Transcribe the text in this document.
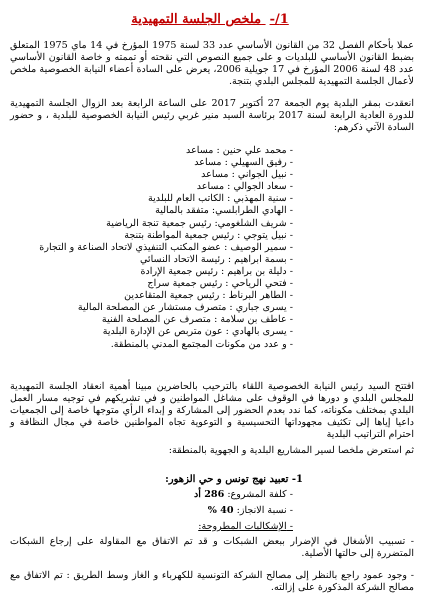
1/- ملخص الجلسة التمهيدية

عملا بأحكام الفصل 32 من القانون الأساسي عدد 33 لسنة 1975 المؤرخ في 14 ماي 1975 المتعلق بضبط القانون الأساسي للبلديات و على جميع النصوص التي نقحته أو تممته و خاصة القانون الأساسي عدد 48 لسنة 2006 المؤرخ في 17 جويلية 2006، يعرض على السادة أعضاء النيابة الخصوصية ملخص لأعمال الجلسة التمهيدية للمجلس البلدي بتنجة.

انعقدت بمقر البلدية يوم الجمعة 27 أكتوبر 2017 على الساعة الرابعة بعد الزوال الجلسة التمهيدية للدورة العادية الرابعة لسنة 2017 برئاسة السيد منير غربي رئيس النيابة الخصوصية للبلدية ، و حضور السادة الآتي ذكرهم:

- محمد علي حنين : مساعد
- رفيق السهيلي : مساعد
- نبيل الجواني : مساعد
- سعاد الجوالي : مساعد
- سنية المهذبي : الكاتب العام للبلدية
- الهادي الطرابلسي: متفقد بالمالية
- شريف الشلغومي: رئيس جمعية تنجة الرياضية
- نبيل يتوجي : رئيس جمعية المواطنة بتنجة
- سمير الوصيف : عضو المكتب التنفيذي لاتحاد الصناعة و التجارة
- بسمة ابراهيم : رئيسة الاتحاد النسائي
- دليلة بن براهيم : رئيس جمعية الإرادة
- فتحي الرياحي : رئيس جمعية سراج
- الطاهر البرناط : رئيس جمعية المتقاعدين
- يسرى جباري : متصرف مستشار عن المصلحة المالية
- عاطف بن سلامة : متصرف عن المصلحة الفنية
- يسرى بالهادي : عون متربص عن الإدارة البلدية
- و عدد من مكونات المجتمع المدني بالمنطقة.

افتتح السيد رئيس النيابة الخصوصية اللقاء بالترحيب بالحاضرين مبينا أهمية انعقاد الجلسة التمهيدية للمجلس البلدي و دورها في الوقوف على مشاغل المواطنين و في تشريكهم في توجيه مسار العمل البلدي بمختلف مكوناته، كما ندد بعدم الحضور إلى المشاركة و إبداء الرأي متوجها خاصة إلى الجمعيات داعيا إياها إلى تكثيف مجهوداتها التحسيسية و التوعوية تجاه المواطنين خاصة في مجال النظافة و احترام التراتيب البلدية

ثم استعرض ملخصا لسير المشاريع البلدية و الجهوية بالمنطقة:

1- تعبيد نهج تونس و حي الزهور:
- كلفة المشروع: 286 أد
- نسبة الانجاز: 40 %
- الإشكاليات المطروحة:

- تسبيب الأشغال في الإضرار ببعض الشبكات و قد تم الاتفاق مع المقاولة على إرجاع الشبكات المتضررة إلى حالتها الأصلية.

- وجود عمود راجع بالنظر إلى مصالح الشركة التونسية للكهرباء و الغاز وسط الطريق : تم الاتفاق مع مصالح الشركة المذكورة على إزالته.
